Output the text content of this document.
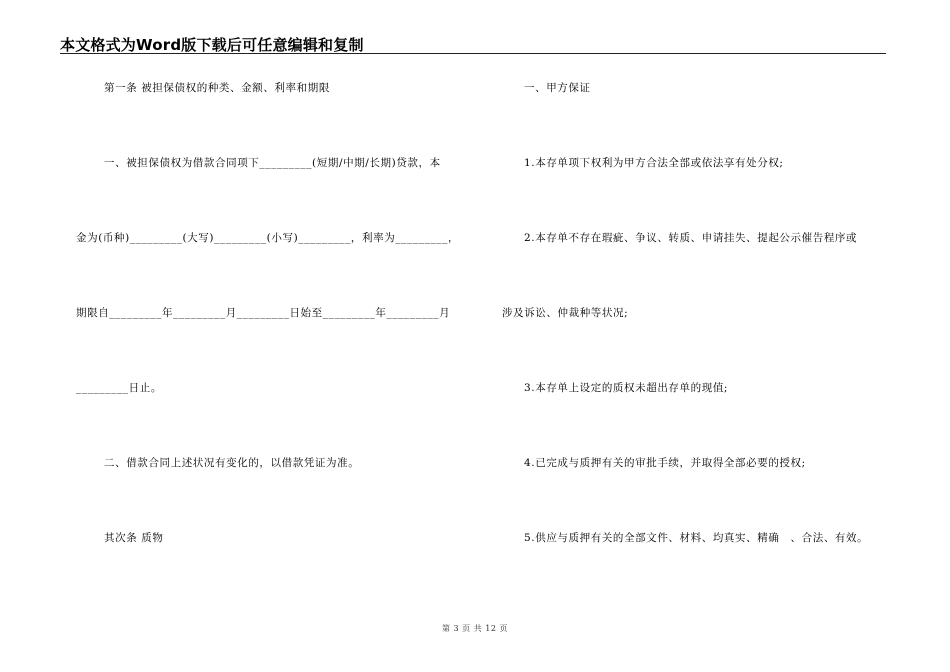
本文格式为Word版下载后可任意编辑和复制
第一条 被担保债权的种类、金额、利率和期限
一、被担保债权为借款合同项下_________(短期/中期/长期)贷款，本
金为(币种)_________(大写)_________(小写)_________，利率为_________，
期限自_________年_________月_________日始至_________年_________月
_________日止。
二、借款合同上述状况有变化的，以借款凭证为准。
其次条 质物
一、甲方保证
1.本存单项下权利为甲方合法全部或依法享有处分权;
2.本存单不存在瑕疵、争议、转质、申请挂失、提起公示催告程序或
涉及诉讼、仲裁种等状况;
3.本存单上设定的质权未超出存单的现值;
4.已完成与质押有关的审批手续，并取得全部必要的授权;
5.供应与质押有关的全部文件、材料、均真实、精确　、合法、有效。
第 3 页 共 12 页
